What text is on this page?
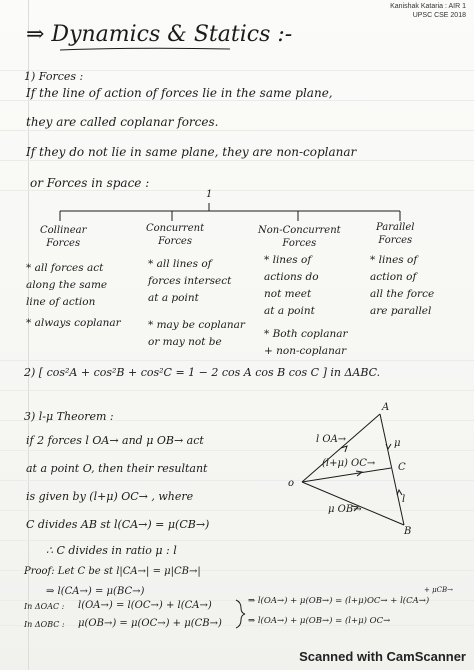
Kanishak Kataria : AIR 1
UPSC CSE 2018
⇒ Dynamics & Statics :-
1) Forces :
If the line of action of forces lie in the same plane,
they are called coplanar forces.
If they do not lie in same plane, they are non-coplanar
or Forces in space :
1
Collinear
Forces
Concurrent
Forces
Non-Concurrent
Forces
Parallel
Forces
* all forces act
along the same
line of action
* always coplanar
* all lines of
forces intersect
at a point
* may be coplanar
or may not be
* lines of
actions do
not meet
at a point
* Both coplanar
+ non-coplanar
* lines of
action of
all the force
are parallel
2) [ cos²A + cos²B + cos²C = 1 − 2 cos A cos B cos C ] in ΔABC.
3) l-μ Theorem :
if 2 forces l OA→ and μ OB→ act
at a point O, then their resultant
is given by (l+μ) OC→ , where
C divides AB st l(CA→) = μ(CB→)
∴ C divides in ratio μ : l
A
B
C
o
μ
l
l OA→
μ OB→
(l+μ) OC→
Proof: Let C be st l|CA→| = μ|CB→|
⇒ l(CA→) = μ(BC→)
In ΔOAC : l(OA→) = l(OC→) + l(CA→)
In ΔOBC : μ(OB→) = μ(OC→) + μ(CB→)
⇒ l(OA→) + μ(OB→) = (l+μ)OC→ + l(CA→)
⇒ l(OA→) + μ(OB→) = (l+μ) OC→
+ μCB→
Scanned with CamScanner
